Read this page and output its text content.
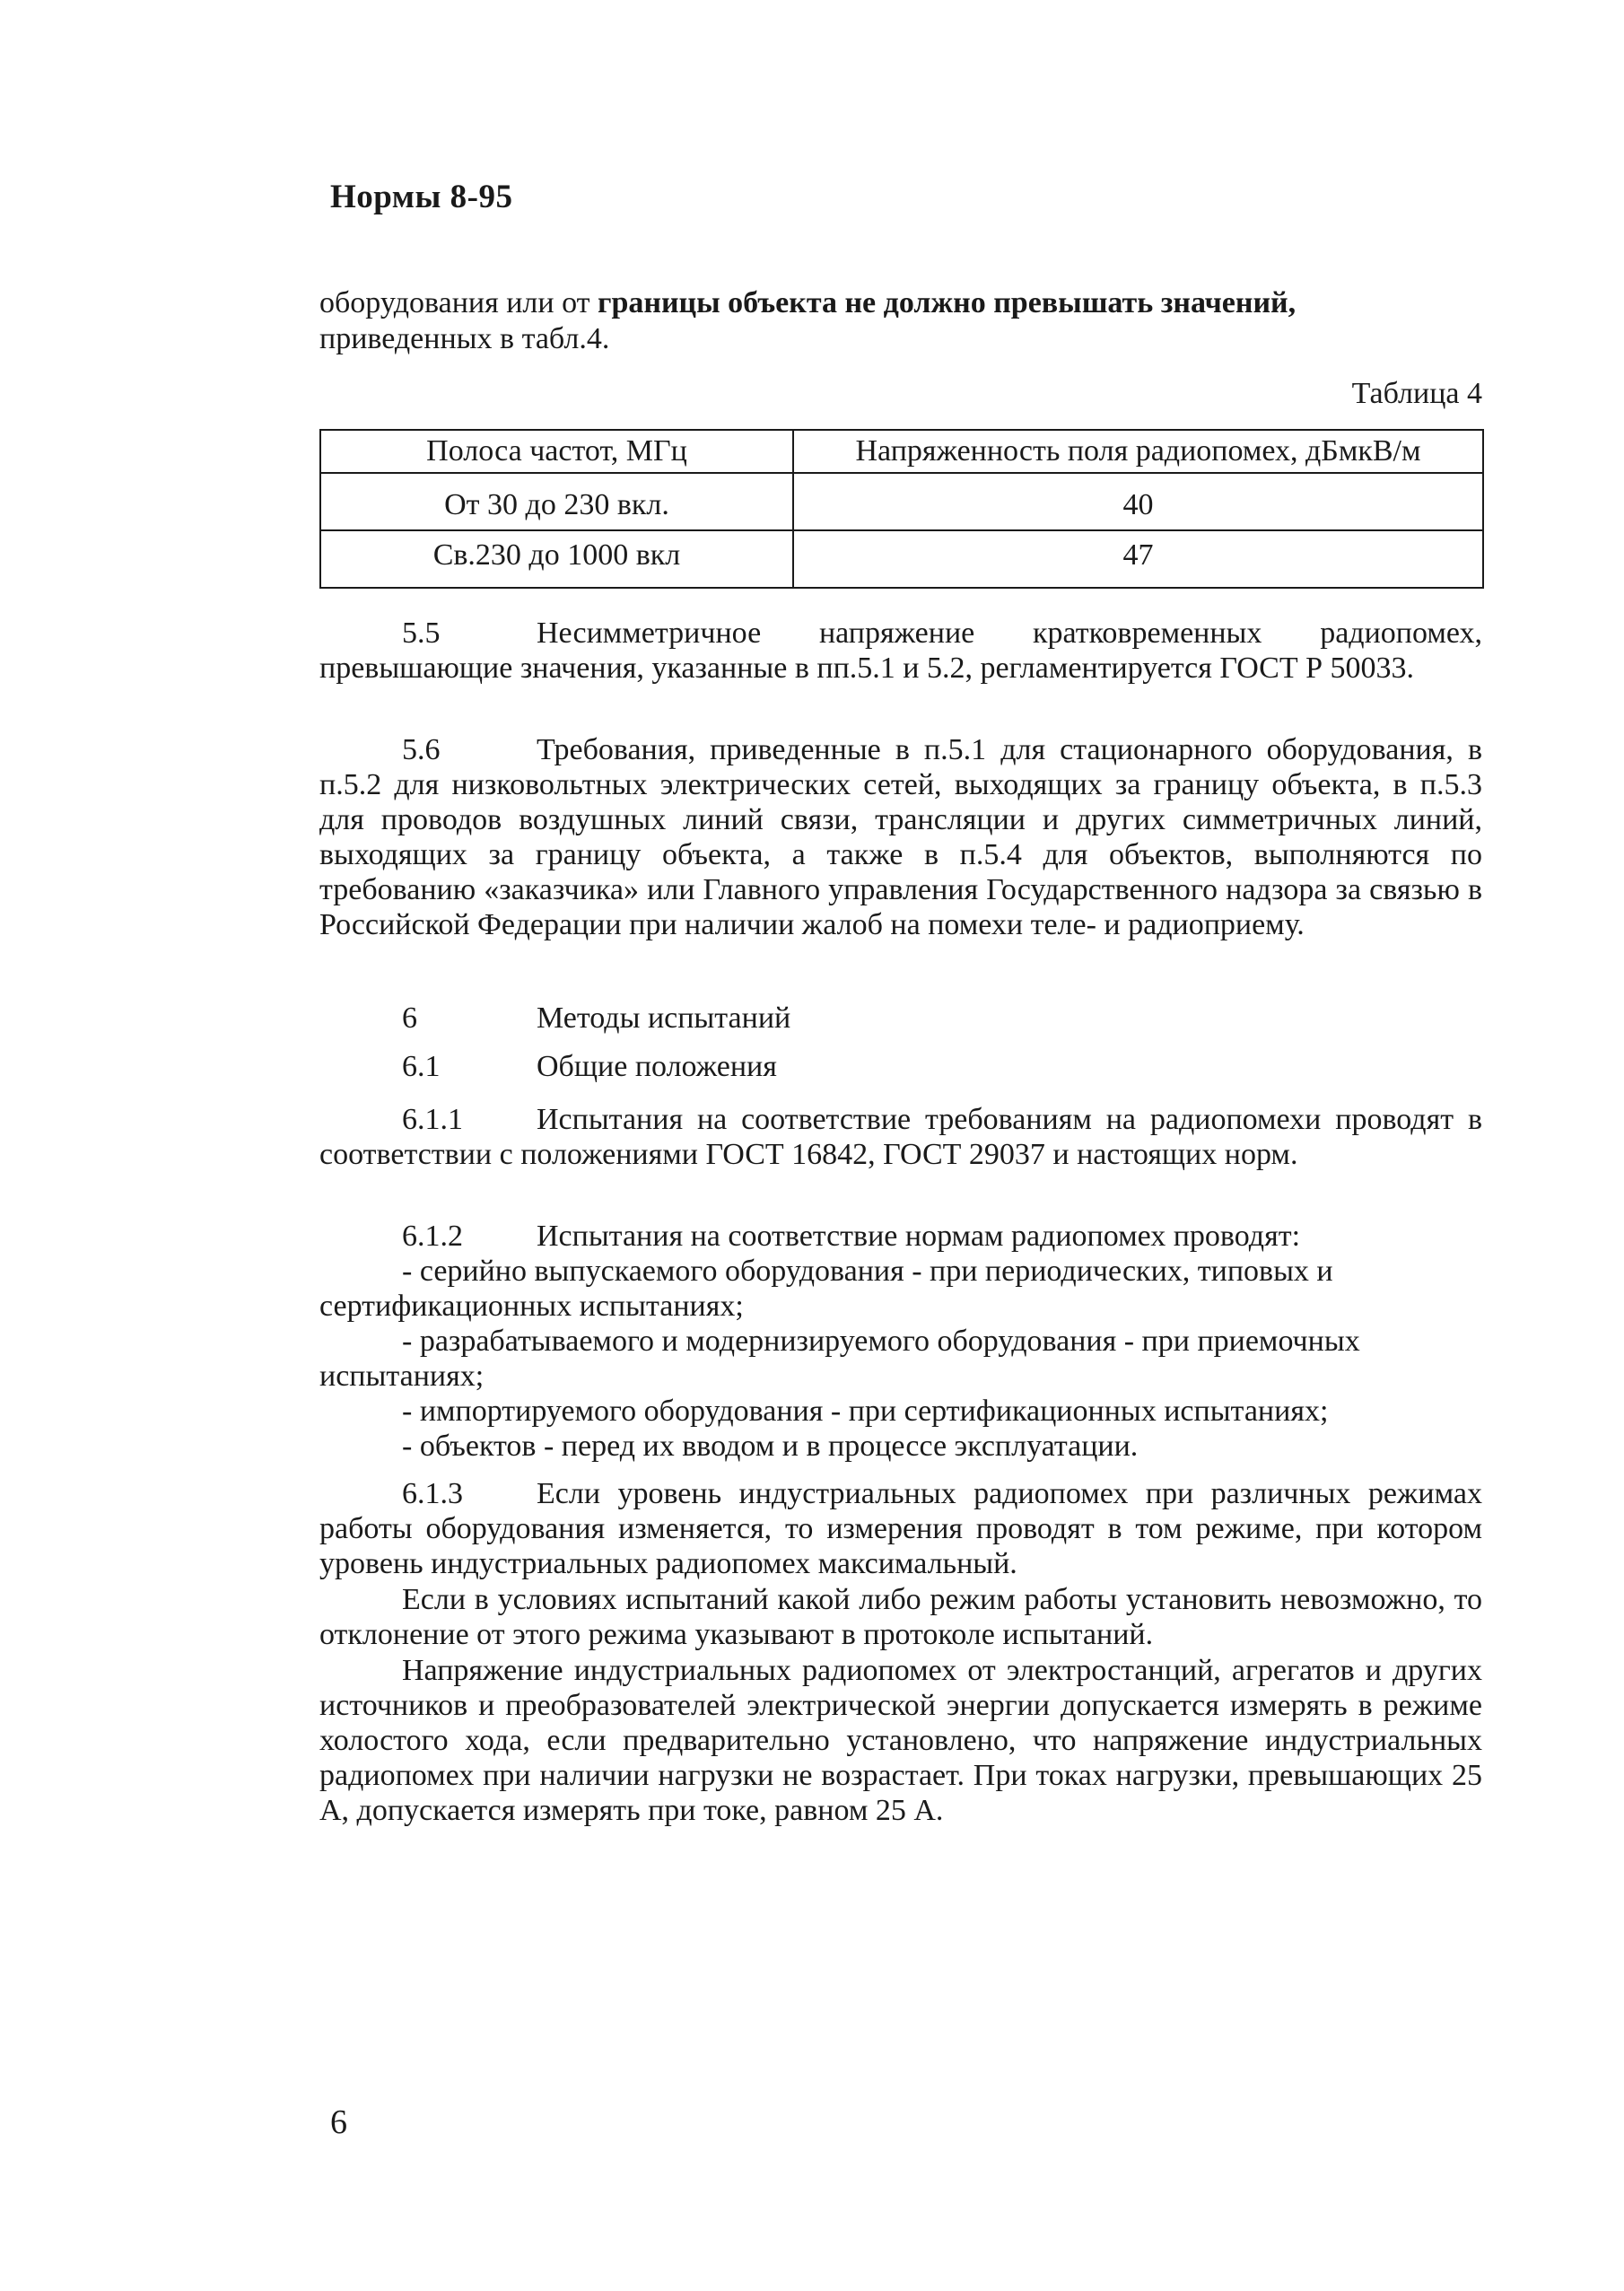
Нормы 8-95
оборудования или от границы объекта не должно превышать значений,
приведенных в табл.4.
Таблица 4
Полоса частот, МГц	Напряженность поля радиопомех, дБмкВ/м
От 30 до 230 вкл.	40
Св.230 до 1000 вкл	47
5.5	Несимметричное напряжение кратковременных радиопомех, превышающие значения, указанные в пп.5.1 и 5.2, регламентируется ГОСТ Р 50033.
5.6	Требования, приведенные в п.5.1 для стационарного оборудования, в п.5.2 для низковольтных электрических сетей, выходящих за границу объекта, в п.5.3 для проводов воздушных линий связи, трансляции и других симметричных линий, выходящих за границу объекта, а также в п.5.4 для объектов, выполняются по требованию «заказчика» или Главного управления Государственного надзора за связью в Российской Федерации при наличии жалоб на помехи теле- и радиоприему.
6	Методы испытаний
6.1	Общие положения
6.1.1 Испытания на соответствие требованиям на радиопомехи проводят в соответствии с положениями ГОСТ 16842, ГОСТ 29037 и настоящих норм.
6.1.2 Испытания на соответствие нормам радиопомех проводят:
- серийно выпускаемого оборудования - при периодических, типовых и сертификационных испытаниях;
- разрабатываемого и модернизируемого оборудования - при приемочных испытаниях;
- импортируемого оборудования - при сертификационных испытаниях;
- объектов - перед их вводом и в процессе эксплуатации.
6.1.3 Если уровень индустриальных радиопомех при различных режимах работы оборудования изменяется, то измерения проводят в том режиме, при котором уровень индустриальных радиопомех максимальный.
Если в условиях испытаний какой либо режим работы установить невозможно, то отклонение от этого режима указывают в протоколе испытаний.
Напряжение индустриальных радиопомех от электростанций, агрегатов и других источников и преобразователей электрической энергии допускается измерять в режиме холостого хода, если предварительно установлено, что напряжение индустриальных радиопомех при наличии нагрузки не возрастает. При токах нагрузки, превышающих 25 А, допускается измерять при токе, равном 25 А.
6
